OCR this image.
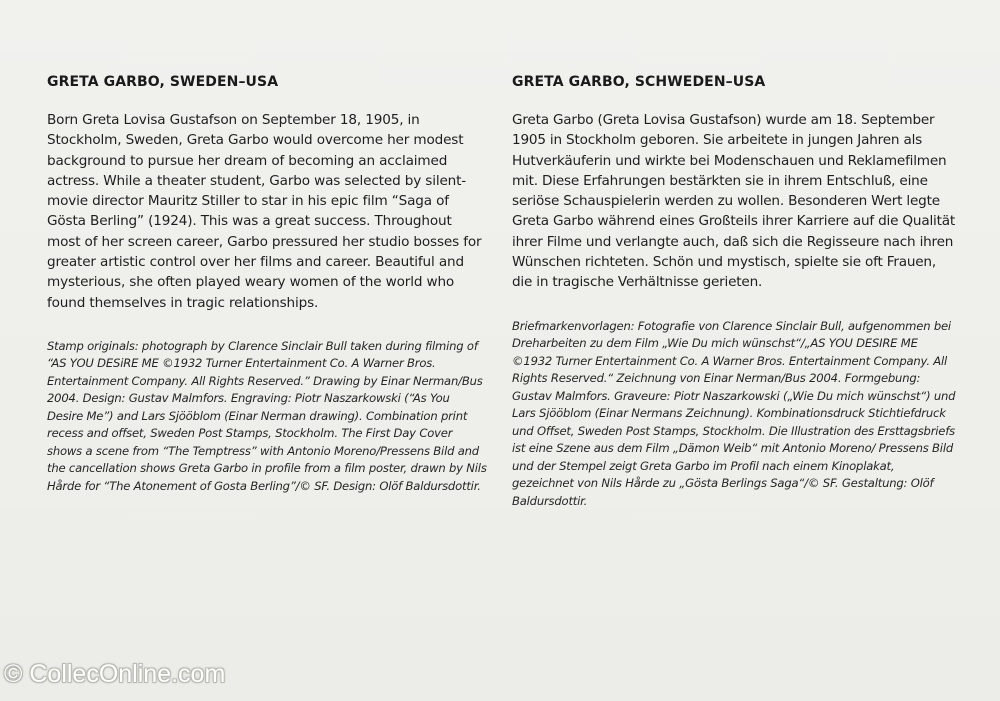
GRETA GARBO, SWEDEN–USA

Born Greta Lovisa Gustafson on September 18, 1905, in Stockholm, Sweden, Greta Garbo would overcome her modest background to pursue her dream of becoming an acclaimed actress. While a theater student, Garbo was selected by silent-movie director Mauritz Stiller to star in his epic film “Saga of Gösta Berling” (1924). This was a great success. Throughout most of her screen career, Garbo pressured her studio bosses for greater artistic control over her films and career. Beautiful and mysterious, she often played weary women of the world who found themselves in tragic relationships.

Stamp originals: photograph by Clarence Sinclair Bull taken during filming of “AS YOU DESiRE ME ©1932 Turner Entertainment Co. A Warner Bros. Entertainment Company. All Rights Reserved.” Drawing by Einar Nerman/Bus 2004. Design: Gustav Malmfors. Engraving: Piotr Naszarkowski (“As You Desire Me”) and Lars Sjööblom (Einar Nerman drawing). Combination print recess and offset, Sweden Post Stamps, Stockholm. The First Day Cover shows a scene from “The Temptress” with Antonio Moreno/Pressens Bild and the cancellation shows Greta Garbo in profile from a film poster, drawn by Nils Hårde for “The Atonement of Gosta Berling”/© SF. Design: Olöf Baldursdottir.

GRETA GARBO, SCHWEDEN–USA

Greta Garbo (Greta Lovisa Gustafson) wurde am 18. September 1905 in Stockholm geboren. Sie arbeitete in jungen Jahren als Hutverkäuferin und wirkte bei Modenschauen und Reklamefilmen mit. Diese Erfahrungen bestärkten sie in ihrem Entschluß, eine seriöse Schauspielerin werden zu wollen. Besonderen Wert legte Greta Garbo während eines Großteils ihrer Karriere auf die Qualität ihrer Filme und verlangte auch, daß sich die Regisseure nach ihren Wünschen richteten. Schön und mystisch, spielte sie oft Frauen, die in tragische Verhältnisse gerieten.

Briefmarkenvorlagen: Fotografie von Clarence Sinclair Bull, aufgenommen bei Dreharbeiten zu dem Film „Wie Du mich wünschst“/„AS YOU DESIRE ME ©1932 Turner Entertainment Co. A Warner Bros. Entertainment Company. All Rights Reserved.“ Zeichnung von Einar Nerman/Bus 2004. Formgebung: Gustav Malmfors. Graveure: Piotr Naszarkowski („Wie Du mich wünschst“) und Lars Sjööblom (Einar Nermans Zeichnung). Kombinationsdruck Stichtiefdruck und Offset, Sweden Post Stamps, Stockholm. Die Illustration des Ersttagsbriefs ist eine Szene aus dem Film „Dämon Weib“ mit Antonio Moreno/ Pressens Bild und der Stempel zeigt Greta Garbo im Profil nach einem Kinoplakat, gezeichnet von Nils Hårde zu „Gösta Berlings Saga“/© SF. Gestaltung: Olöf Baldursdottir.

© CollecOnline.com
